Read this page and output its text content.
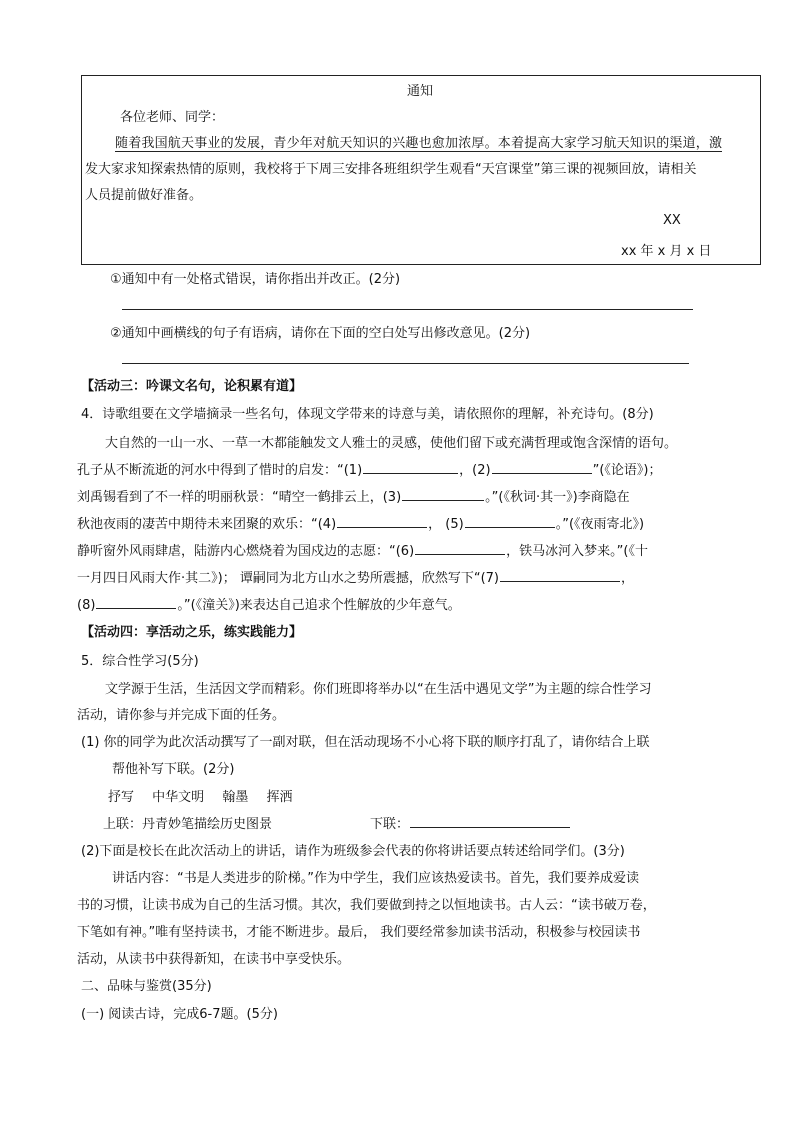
通知
各位老师、同学：
随着我国航天事业的发展，青少年对航天知识的兴趣也愈加浓厚。本着提高大家学习航天知识的渠道，激
发大家求知探索热情的原则，我校将于下周三安排各班组织学生观看“天宫课堂”第三课的视频回放，请相关
人员提前做好准备。
XX
xx 年 x 月 x 日
①通知中有一处格式错误，请你指出并改正。(2分)
②通知中画横线的句子有语病，请你在下面的空白处写出修改意见。(2分)
【活动三：吟课文名句，论积累有道】
4．诗歌组要在文学墙摘录一些名句，体现文学带来的诗意与美，请依照你的理解，补充诗句。(8分)
大自然的一山一水、一草一木都能触发文人雅士的灵感，使他们留下或充满哲理或饱含深情的语句。
孔子从不断流逝的河水中得到了惜时的启发：“(1)	，(2)	”(《论语》)；
刘禹锡看到了不一样的明丽秋景：“晴空一鹤排云上，(3)	。”(《秋词·其一》)李商隐在
秋池夜雨的凄苦中期待未来团聚的欢乐：“(4)	， (5)	。”(《夜雨寄北》)
静听窗外风雨肆虐，陆游内心燃烧着为国戍边的志愿：“(6)	，铁马冰河入梦来。”(《十
一月四日风雨大作·其二》)； 谭嗣同为北方山水之势所震撼，欣然写下“(7)	，
(8)	。”(《潼关》)来表达自己追求个性解放的少年意气。
【活动四：享活动之乐，练实践能力】
5．综合性学习(5分)
文学源于生活，生活因文学而精彩。你们班即将举办以“在生活中遇见文学”为主题的综合性学习
活动，请你参与并完成下面的任务。
(1) 你的同学为此次活动撰写了一副对联，但在活动现场不小心将下联的顺序打乱了，请你结合上联
帮他补写下联。(2分)
抒写 中华文明 翰墨 挥洒
上联：丹青妙笔描绘历史图景	下联：
(2)下面是校长在此次活动上的讲话，请作为班级参会代表的你将讲话要点转述给同学们。(3分)
讲话内容：“书是人类进步的阶梯。”作为中学生，我们应该热爱读书。首先，我们要养成爱读
书的习惯，让读书成为自己的生活习惯。其次，我们要做到持之以恒地读书。古人云：“读书破万卷，
下笔如有神。”唯有坚持读书，才能不断进步。最后， 我们要经常参加读书活动，积极参与校园读书
活动，从读书中获得新知，在读书中享受快乐。
二、品味与鉴赏(35分)
(一) 阅读古诗，完成6-7题。(5分)
